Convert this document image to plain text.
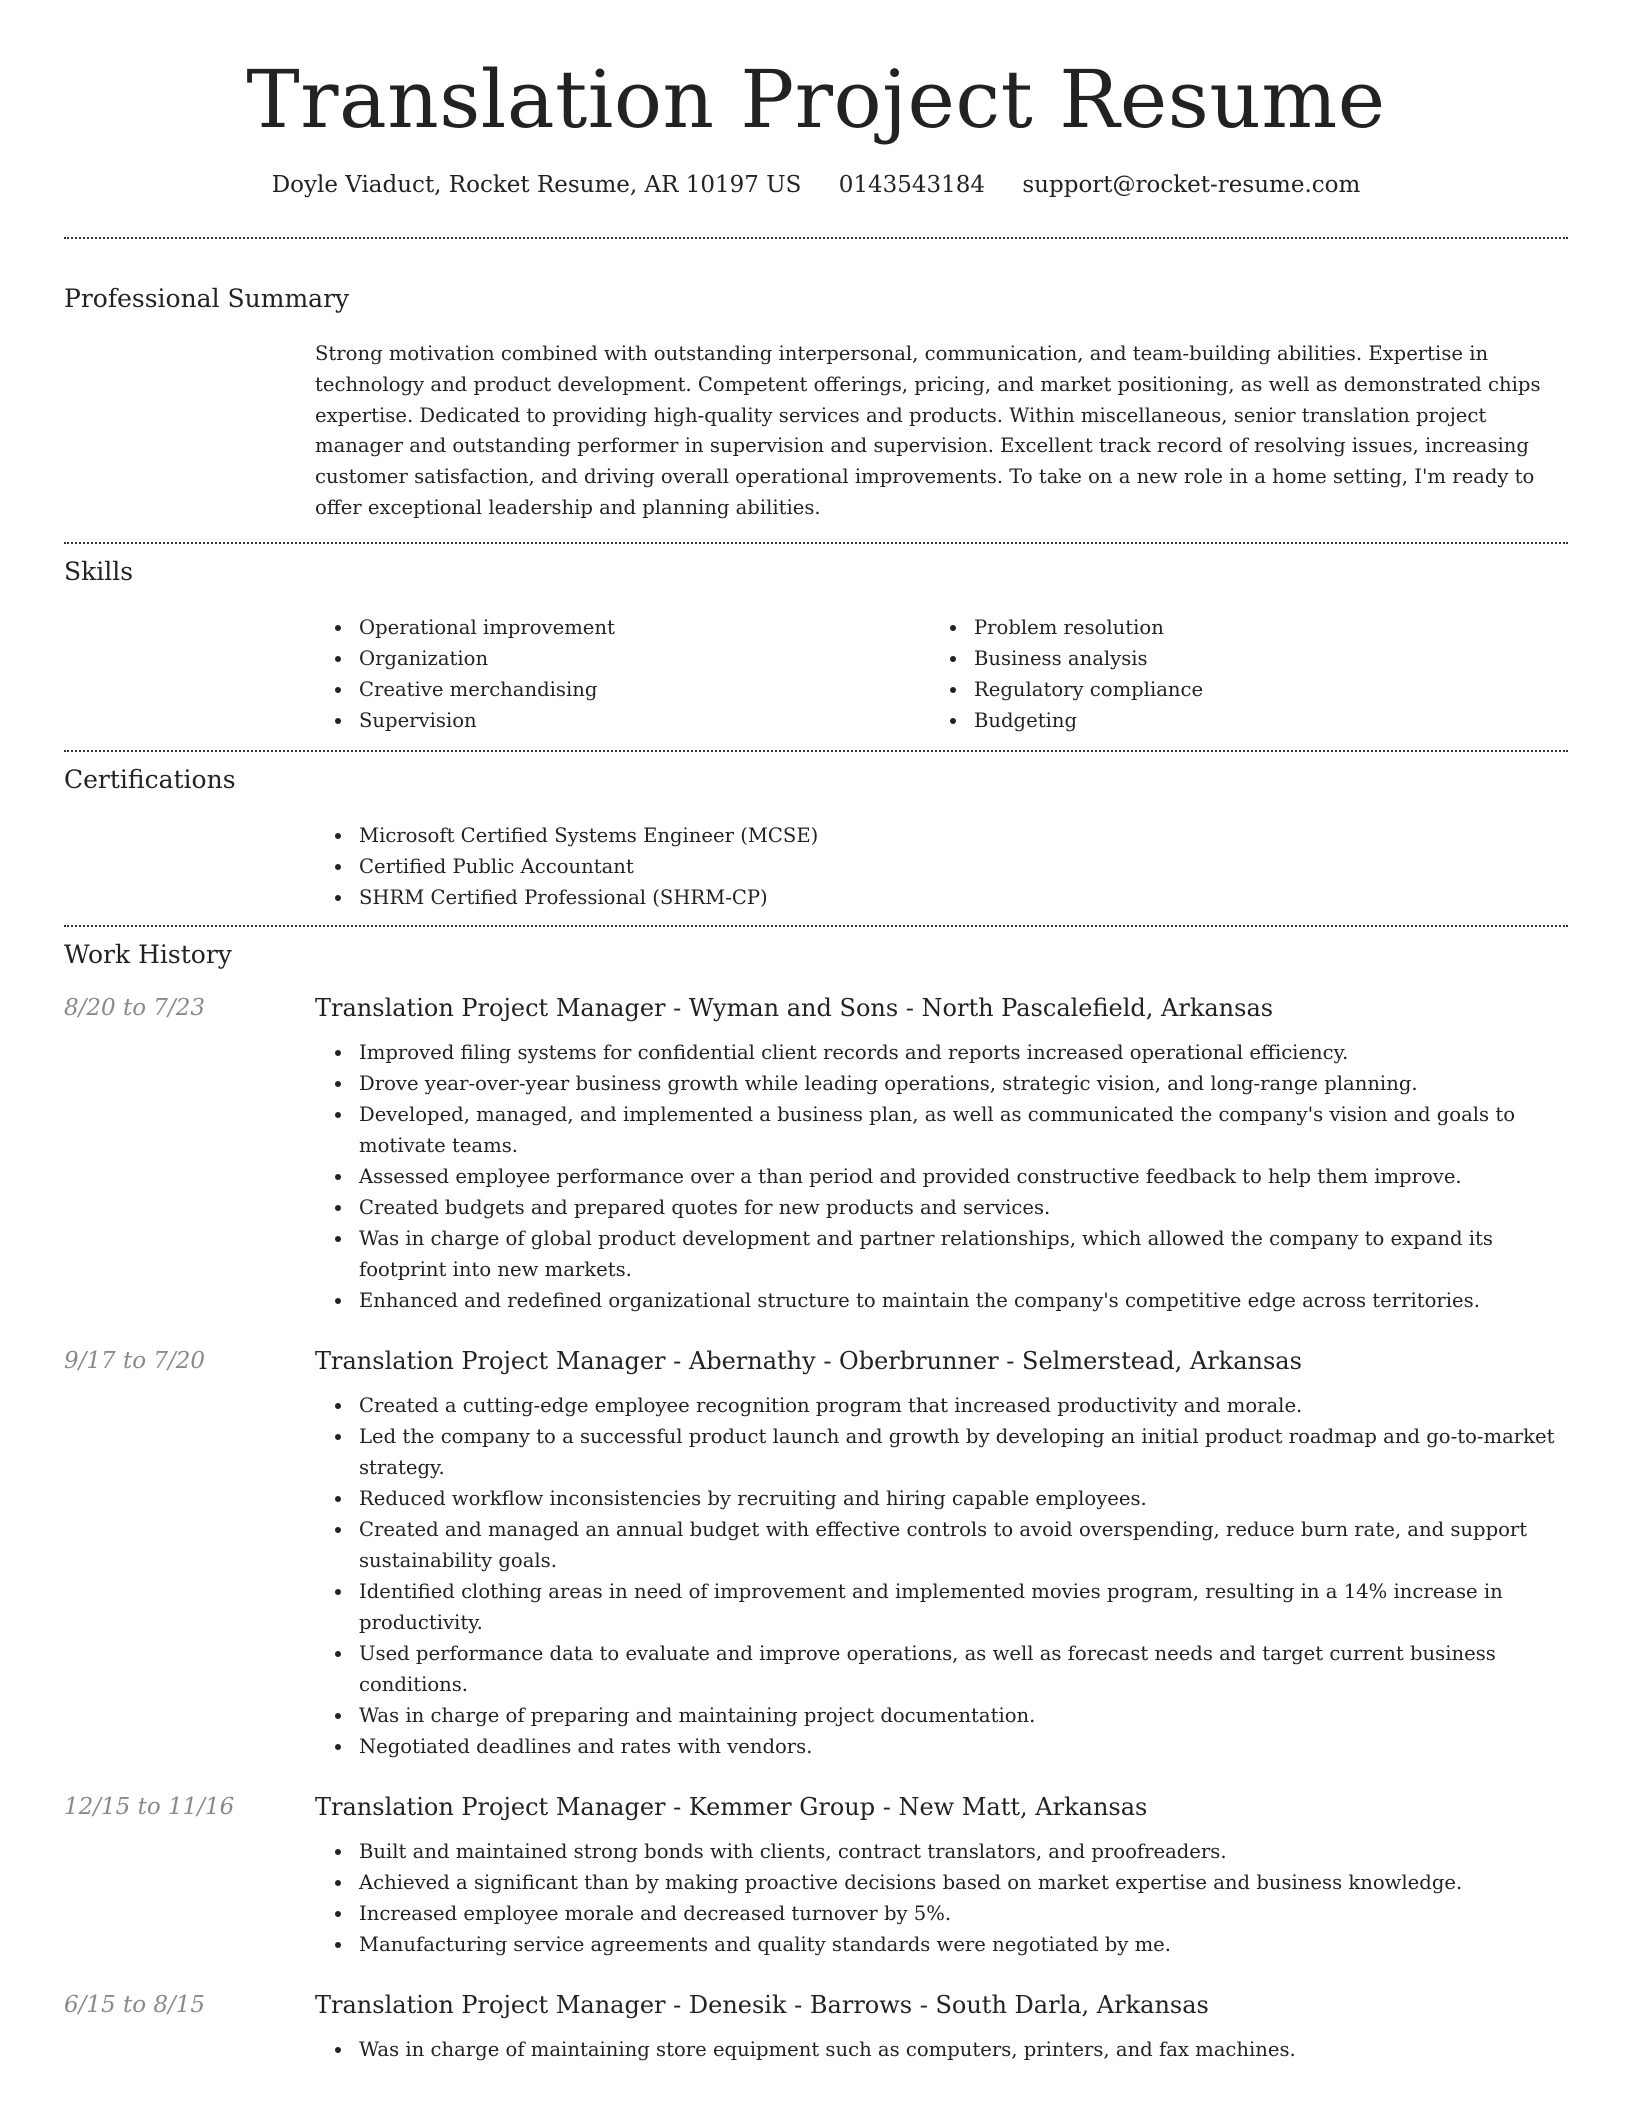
Translation Project Resume
Doyle Viaduct, Rocket Resume, AR 10197 US 0143543184 support@rocket-resume.com
Professional Summary

Strong motivation combined with outstanding interpersonal, communication, and team-building abilities. Expertise in technology and product development. Competent offerings, pricing, and market positioning, as well as demonstrated chips expertise. Dedicated to providing high-quality services and products. Within miscellaneous, senior translation project manager and outstanding performer in supervision and supervision. Excellent track record of resolving issues, increasing customer satisfaction, and driving overall operational improvements. To take on a new role in a home setting, I'm ready to offer exceptional leadership and planning abilities.

Skills
Operational improvement
Organization
Creative merchandising
Supervision
Problem resolution
Business analysis
Regulatory compliance
Budgeting
Certifications
Microsoft Certified Systems Engineer (MCSE)
Certified Public Accountant
SHRM Certified Professional (SHRM-CP)
Work History
8/20 to 7/23	Translation Project Manager - Wyman and Sons - North Pascalefield, Arkansas
Improved filing systems for confidential client records and reports increased operational efficiency.
Drove year-over-year business growth while leading operations, strategic vision, and long-range planning.
Developed, managed, and implemented a business plan, as well as communicated the company's vision and goals to motivate teams.
Assessed employee performance over a than period and provided constructive feedback to help them improve.
Created budgets and prepared quotes for new products and services.
Was in charge of global product development and partner relationships, which allowed the company to expand its footprint into new markets.
Enhanced and redefined organizational structure to maintain the company's competitive edge across territories.
9/17 to 7/20	Translation Project Manager - Abernathy - Oberbrunner - Selmerstead, Arkansas
Created a cutting-edge employee recognition program that increased productivity and morale.
Led the company to a successful product launch and growth by developing an initial product roadmap and go-to-market strategy.
Reduced workflow inconsistencies by recruiting and hiring capable employees.
Created and managed an annual budget with effective controls to avoid overspending, reduce burn rate, and support sustainability goals.
Identified clothing areas in need of improvement and implemented movies program, resulting in a 14% increase in productivity.
Used performance data to evaluate and improve operations, as well as forecast needs and target current business conditions.
Was in charge of preparing and maintaining project documentation.
Negotiated deadlines and rates with vendors.
12/15 to 11/16	Translation Project Manager - Kemmer Group - New Matt, Arkansas
Built and maintained strong bonds with clients, contract translators, and proofreaders.
Achieved a significant than by making proactive decisions based on market expertise and business knowledge.
Increased employee morale and decreased turnover by 5%.
Manufacturing service agreements and quality standards were negotiated by me.
6/15 to 8/15	Translation Project Manager - Denesik - Barrows - South Darla, Arkansas
Was in charge of maintaining store equipment such as computers, printers, and fax machines.
